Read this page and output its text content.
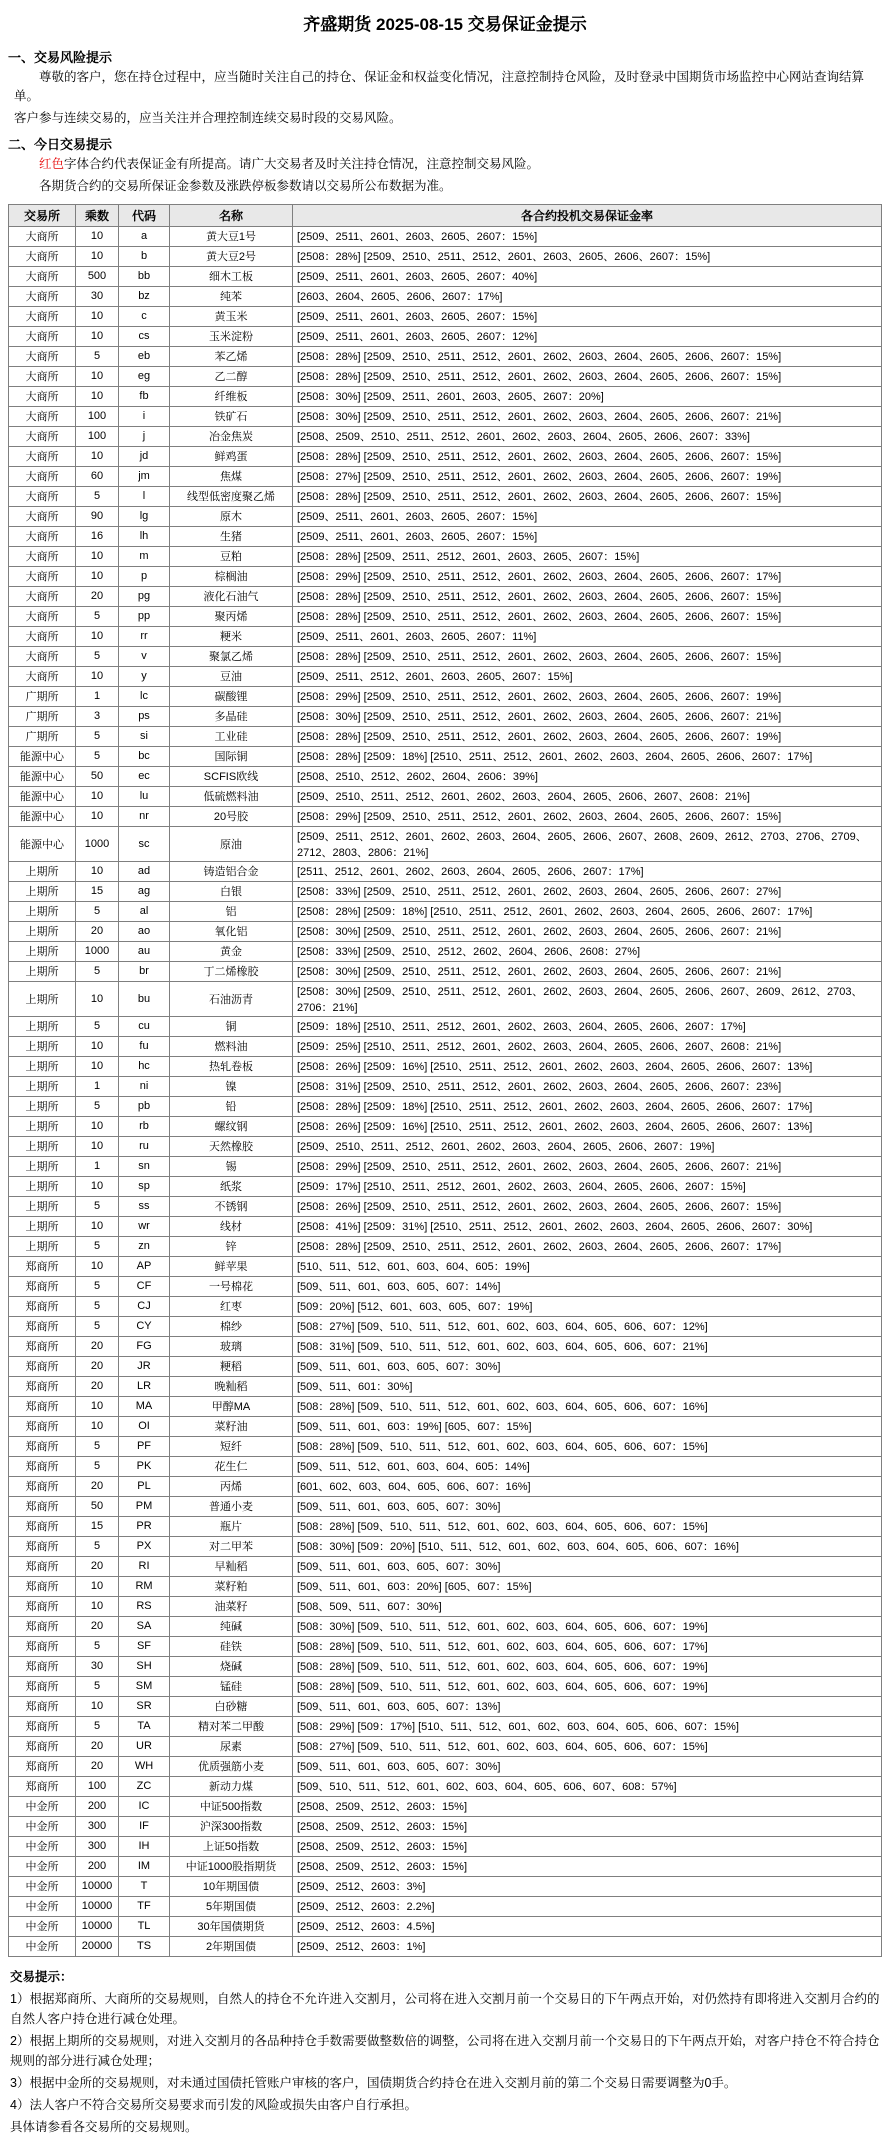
齐盛期货 2025-08-15 交易保证金提示
一、交易风险提示
尊敬的客户，您在持仓过程中，应当随时关注自己的持仓、保证金和权益变化情况，注意控制持仓风险，及时登录中国期货市场监控中心网站查询结算单。
客户参与连续交易的，应当关注并合理控制连续交易时段的交易风险。
二、今日交易提示
红色字体合约代表保证金有所提高。请广大交易者及时关注持仓情况，注意控制交易风险。
各期货合约的交易所保证金参数及涨跌停板参数请以交易所公布数据为准。
交易所	乘数	代码	名称	各合约投机交易保证金率
大商所	10	a	黄大豆1号	[2509、2511、2601、2603、2605、2607：15%]
大商所	10	b	黄大豆2号	[2508：28%] [2509、2510、2511、2512、2601、2603、2605、2606、2607：15%]
大商所	500	bb	细木工板	[2509、2511、2601、2603、2605、2607：40%]
大商所	30	bz	纯苯	[2603、2604、2605、2606、2607：17%]
大商所	10	c	黄玉米	[2509、2511、2601、2603、2605、2607：15%]
大商所	10	cs	玉米淀粉	[2509、2511、2601、2603、2605、2607：12%]
大商所	5	eb	苯乙烯	[2508：28%] [2509、2510、2511、2512、2601、2602、2603、2604、2605、2606、2607：15%]
大商所	10	eg	乙二醇	[2508：28%] [2509、2510、2511、2512、2601、2602、2603、2604、2605、2606、2607：15%]
大商所	10	fb	纤维板	[2508：30%] [2509、2511、2601、2603、2605、2607：20%]
大商所	100	i	铁矿石	[2508：30%] [2509、2510、2511、2512、2601、2602、2603、2604、2605、2606、2607：21%]
大商所	100	j	冶金焦炭	[2508、2509、2510、2511、2512、2601、2602、2603、2604、2605、2606、2607：33%]
大商所	10	jd	鲜鸡蛋	[2508：28%] [2509、2510、2511、2512、2601、2602、2603、2604、2605、2606、2607：15%]
大商所	60	jm	焦煤	[2508：27%] [2509、2510、2511、2512、2601、2602、2603、2604、2605、2606、2607：19%]
大商所	5	l	线型低密度聚乙烯	[2508：28%] [2509、2510、2511、2512、2601、2602、2603、2604、2605、2606、2607：15%]
大商所	90	lg	原木	[2509、2511、2601、2603、2605、2607：15%]
大商所	16	lh	生猪	[2509、2511、2601、2603、2605、2607：15%]
大商所	10	m	豆粕	[2508：28%] [2509、2511、2512、2601、2603、2605、2607：15%]
大商所	10	p	棕榈油	[2508：29%] [2509、2510、2511、2512、2601、2602、2603、2604、2605、2606、2607：17%]
大商所	20	pg	液化石油气	[2508：28%] [2509、2510、2511、2512、2601、2602、2603、2604、2605、2606、2607：15%]
大商所	5	pp	聚丙烯	[2508：28%] [2509、2510、2511、2512、2601、2602、2603、2604、2605、2606、2607：15%]
大商所	10	rr	粳米	[2509、2511、2601、2603、2605、2607：11%]
大商所	5	v	聚氯乙烯	[2508：28%] [2509、2510、2511、2512、2601、2602、2603、2604、2605、2606、2607：15%]
大商所	10	y	豆油	[2509、2511、2512、2601、2603、2605、2607：15%]
广期所	1	lc	碳酸锂	[2508：29%] [2509、2510、2511、2512、2601、2602、2603、2604、2605、2606、2607：19%]
广期所	3	ps	多晶硅	[2508：30%] [2509、2510、2511、2512、2601、2602、2603、2604、2605、2606、2607：21%]
广期所	5	si	工业硅	[2508：28%] [2509、2510、2511、2512、2601、2602、2603、2604、2605、2606、2607：19%]
能源中心	5	bc	国际铜	[2508：28%] [2509：18%] [2510、2511、2512、2601、2602、2603、2604、2605、2606、2607：17%]
能源中心	50	ec	SCFIS欧线	[2508、2510、2512、2602、2604、2606：39%]
能源中心	10	lu	低硫燃料油	[2509、2510、2511、2512、2601、2602、2603、2604、2605、2606、2607、2608：21%]
能源中心	10	nr	20号胶	[2508：29%] [2509、2510、2511、2512、2601、2602、2603、2604、2605、2606、2607：15%]
能源中心	1000	sc	原油	[2509、2511、2512、2601、2602、2603、2604、2605、2606、2607、2608、2609、2612、2703、2706、2709、2712、2803、2806：21%]
上期所	10	ad	铸造铝合金	[2511、2512、2601、2602、2603、2604、2605、2606、2607：17%]
上期所	15	ag	白银	[2508：33%] [2509、2510、2511、2512、2601、2602、2603、2604、2605、2606、2607：27%]
上期所	5	al	铝	[2508：28%] [2509：18%] [2510、2511、2512、2601、2602、2603、2604、2605、2606、2607：17%]
上期所	20	ao	氧化铝	[2508：30%] [2509、2510、2511、2512、2601、2602、2603、2604、2605、2606、2607：21%]
上期所	1000	au	黄金	[2508：33%] [2509、2510、2512、2602、2604、2606、2608：27%]
上期所	5	br	丁二烯橡胶	[2508：30%] [2509、2510、2511、2512、2601、2602、2603、2604、2605、2606、2607：21%]
上期所	10	bu	石油沥青	[2508：30%] [2509、2510、2511、2512、2601、2602、2603、2604、2605、2606、2607、2609、2612、2703、2706：21%]
上期所	5	cu	铜	[2509：18%] [2510、2511、2512、2601、2602、2603、2604、2605、2606、2607：17%]
上期所	10	fu	燃料油	[2509：25%] [2510、2511、2512、2601、2602、2603、2604、2605、2606、2607、2608：21%]
上期所	10	hc	热轧卷板	[2508：26%] [2509：16%] [2510、2511、2512、2601、2602、2603、2604、2605、2606、2607：13%]
上期所	1	ni	镍	[2508：31%] [2509、2510、2511、2512、2601、2602、2603、2604、2605、2606、2607：23%]
上期所	5	pb	铅	[2508：28%] [2509：18%] [2510、2511、2512、2601、2602、2603、2604、2605、2606、2607：17%]
上期所	10	rb	螺纹钢	[2508：26%] [2509：16%] [2510、2511、2512、2601、2602、2603、2604、2605、2606、2607：13%]
上期所	10	ru	天然橡胶	[2509、2510、2511、2512、2601、2602、2603、2604、2605、2606、2607：19%]
上期所	1	sn	锡	[2508：29%] [2509、2510、2511、2512、2601、2602、2603、2604、2605、2606、2607：21%]
上期所	10	sp	纸浆	[2509：17%] [2510、2511、2512、2601、2602、2603、2604、2605、2606、2607：15%]
上期所	5	ss	不锈钢	[2508：26%] [2509、2510、2511、2512、2601、2602、2603、2604、2605、2606、2607：15%]
上期所	10	wr	线材	[2508：41%] [2509：31%] [2510、2511、2512、2601、2602、2603、2604、2605、2606、2607：30%]
上期所	5	zn	锌	[2508：28%] [2509、2510、2511、2512、2601、2602、2603、2604、2605、2606、2607：17%]
郑商所	10	AP	鲜苹果	[510、511、512、601、603、604、605：19%]
郑商所	5	CF	一号棉花	[509、511、601、603、605、607：14%]
郑商所	5	CJ	红枣	[509：20%] [512、601、603、605、607：19%]
郑商所	5	CY	棉纱	[508：27%] [509、510、511、512、601、602、603、604、605、606、607：12%]
郑商所	20	FG	玻璃	[508：31%] [509、510、511、512、601、602、603、604、605、606、607：21%]
郑商所	20	JR	粳稻	[509、511、601、603、605、607：30%]
郑商所	20	LR	晚籼稻	[509、511、601：30%]
郑商所	10	MA	甲醇MA	[508：28%] [509、510、511、512、601、602、603、604、605、606、607：16%]
郑商所	10	OI	菜籽油	[509、511、601、603：19%] [605、607：15%]
郑商所	5	PF	短纤	[508：28%] [509、510、511、512、601、602、603、604、605、606、607：15%]
郑商所	5	PK	花生仁	[509、511、512、601、603、604、605：14%]
郑商所	20	PL	丙烯	[601、602、603、604、605、606、607：16%]
郑商所	50	PM	普通小麦	[509、511、601、603、605、607：30%]
郑商所	15	PR	瓶片	[508：28%] [509、510、511、512、601、602、603、604、605、606、607：15%]
郑商所	5	PX	对二甲苯	[508：30%] [509：20%] [510、511、512、601、602、603、604、605、606、607：16%]
郑商所	20	RI	早籼稻	[509、511、601、603、605、607：30%]
郑商所	10	RM	菜籽粕	[509、511、601、603：20%] [605、607：15%]
郑商所	10	RS	油菜籽	[508、509、511、607：30%]
郑商所	20	SA	纯碱	[508：30%] [509、510、511、512、601、602、603、604、605、606、607：19%]
郑商所	5	SF	硅铁	[508：28%] [509、510、511、512、601、602、603、604、605、606、607：17%]
郑商所	30	SH	烧碱	[508：28%] [509、510、511、512、601、602、603、604、605、606、607：19%]
郑商所	5	SM	锰硅	[508：28%] [509、510、511、512、601、602、603、604、605、606、607：19%]
郑商所	10	SR	白砂糖	[509、511、601、603、605、607：13%]
郑商所	5	TA	精对苯二甲酸	[508：29%] [509：17%] [510、511、512、601、602、603、604、605、606、607：15%]
郑商所	20	UR	尿素	[508：27%] [509、510、511、512、601、602、603、604、605、606、607：15%]
郑商所	20	WH	优质强筋小麦	[509、511、601、603、605、607：30%]
郑商所	100	ZC	新动力煤	[509、510、511、512、601、602、603、604、605、606、607、608：57%]
中金所	200	IC	中证500指数	[2508、2509、2512、2603：15%]
中金所	300	IF	沪深300指数	[2508、2509、2512、2603：15%]
中金所	300	IH	上证50指数	[2508、2509、2512、2603：15%]
中金所	200	IM	中证1000股指期货	[2508、2509、2512、2603：15%]
中金所	10000	T	10年期国债	[2509、2512、2603：3%]
中金所	10000	TF	5年期国债	[2509、2512、2603：2.2%]
中金所	10000	TL	30年国债期货	[2509、2512、2603：4.5%]
中金所	20000	TS	2年期国债	[2509、2512、2603：1%]
交易提示：

1）根据郑商所、大商所的交易规则，自然人的持仓不允许进入交割月，公司将在进入交割月前一个交易日的下午两点开始，对仍然持有即将进入交割月合约的自然人客户持仓进行减仓处理。

2）根据上期所的交易规则，对进入交割月的各品种持仓手数需要做整数倍的调整，公司将在进入交割月前一个交易日的下午两点开始，对客户持仓不符合持仓规则的部分进行减仓处理；

3）根据中金所的交易规则，对未通过国债托管账户审核的客户，国债期货合约持仓在进入交割月前的第二个交易日需要调整为0手。

4）法人客户不符合交易所交易要求而引发的风险或损失由客户自行承担。

具体请参看各交易所的交易规则。
